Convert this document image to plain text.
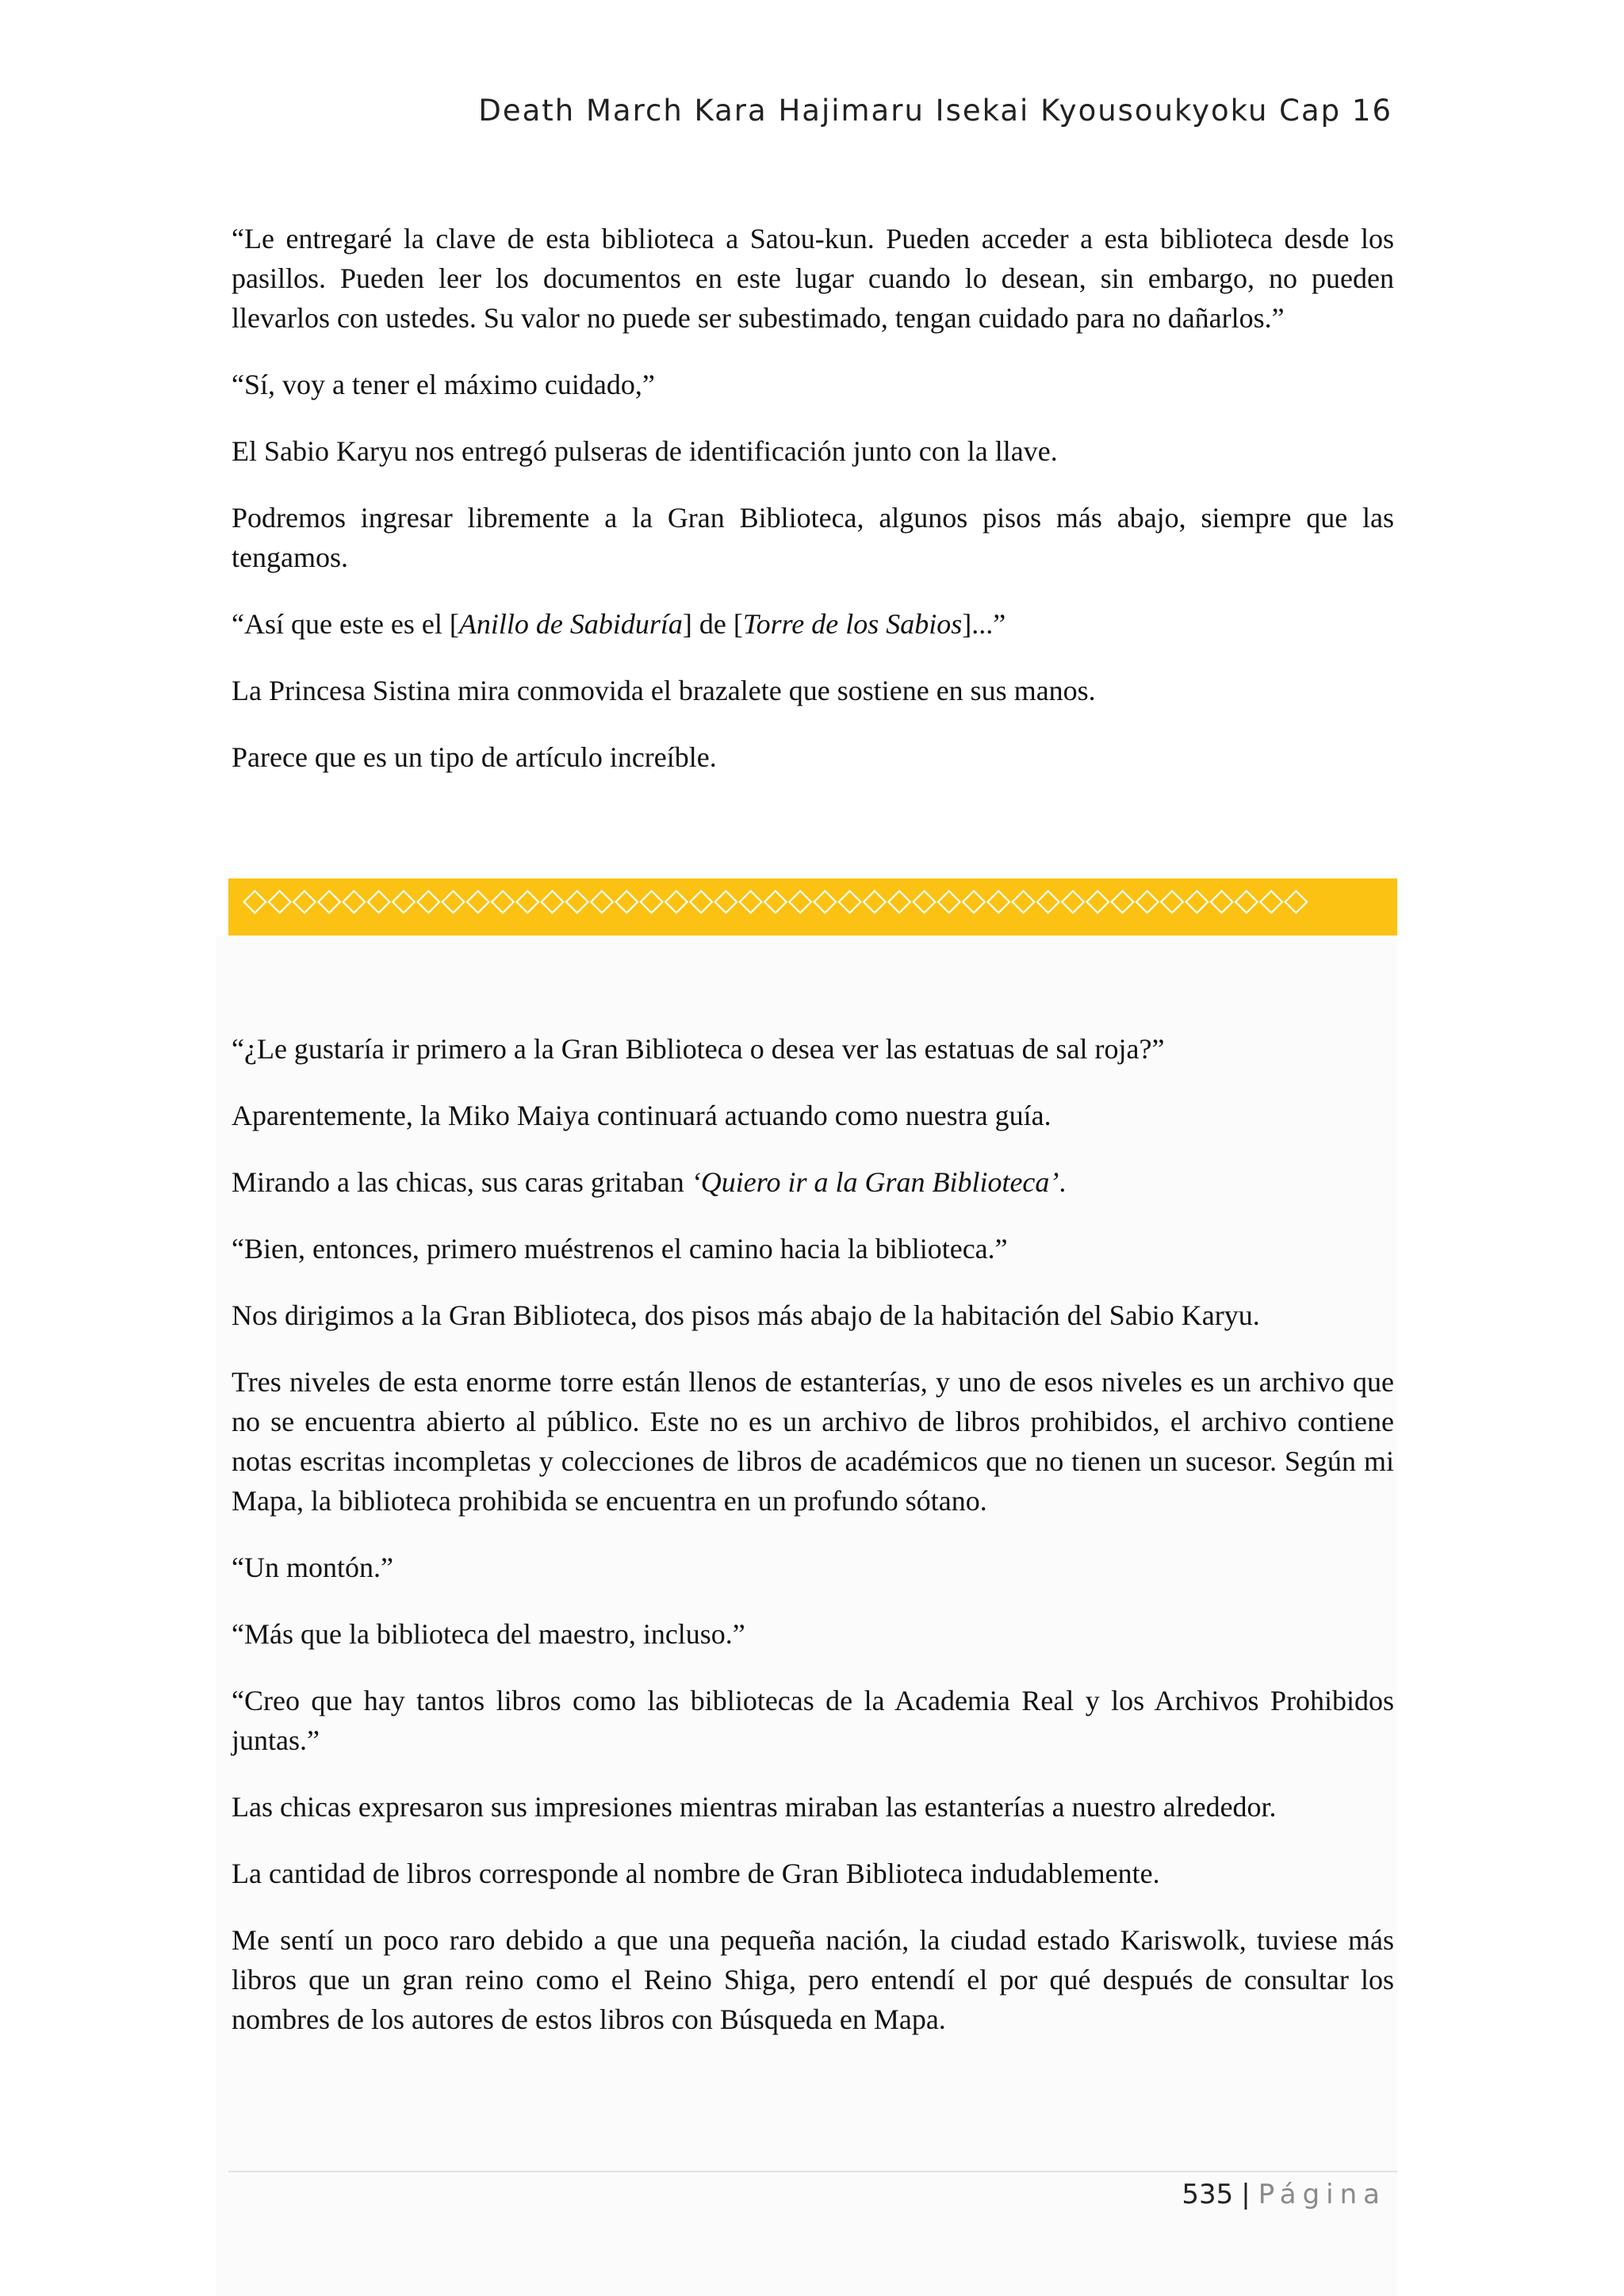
Death March Kara Hajimaru Isekai Kyousoukyoku Cap 16

“Le entregaré la clave de esta biblioteca a Satou-kun. Pueden acceder a esta biblioteca desde los pasillos. Pueden leer los documentos en este lugar cuando lo desean, sin embargo, no pueden llevarlos con ustedes. Su valor no puede ser subestimado, tengan cuidado para no dañarlos.”

“Sí, voy a tener el máximo cuidado,”

El Sabio Karyu nos entregó pulseras de identificación junto con la llave.

Podremos ingresar libremente a la Gran Biblioteca, algunos pisos más abajo, siempre que las tengamos.

“Así que este es el [Anillo de Sabiduría] de [Torre de los Sabios]...”

La Princesa Sistina mira conmovida el brazalete que sostiene en sus manos.

Parece que es un tipo de artículo increíble.

◇◇◇◇◇◇◇◇◇◇◇◇◇◇◇◇◇◇◇◇◇◇◇◇◇◇◇◇◇◇◇◇◇◇◇◇◇◇◇◇◇◇◇

“¿Le gustaría ir primero a la Gran Biblioteca o desea ver las estatuas de sal roja?”

Aparentemente, la Miko Maiya continuará actuando como nuestra guía.

Mirando a las chicas, sus caras gritaban ‘Quiero ir a la Gran Biblioteca’.

“Bien, entonces, primero muéstrenos el camino hacia la biblioteca.”

Nos dirigimos a la Gran Biblioteca, dos pisos más abajo de la habitación del Sabio Karyu.

Tres niveles de esta enorme torre están llenos de estanterías, y uno de esos niveles es un archivo que no se encuentra abierto al público. Este no es un archivo de libros prohibidos, el archivo contiene notas escritas incompletas y colecciones de libros de académicos que no tienen un sucesor. Según mi Mapa, la biblioteca prohibida se encuentra en un profundo sótano.

“Un montón.”

“Más que la biblioteca del maestro, incluso.”

“Creo que hay tantos libros como las bibliotecas de la Academia Real y los Archivos Prohibidos juntas.”

Las chicas expresaron sus impresiones mientras miraban las estanterías a nuestro alrededor.

La cantidad de libros corresponde al nombre de Gran Biblioteca indudablemente.

Me sentí un poco raro debido a que una pequeña nación, la ciudad estado Kariswolk, tuviese más libros que un gran reino como el Reino Shiga, pero entendí el por qué después de consultar los nombres de los autores de estos libros con Búsqueda en Mapa.

535 | Página
